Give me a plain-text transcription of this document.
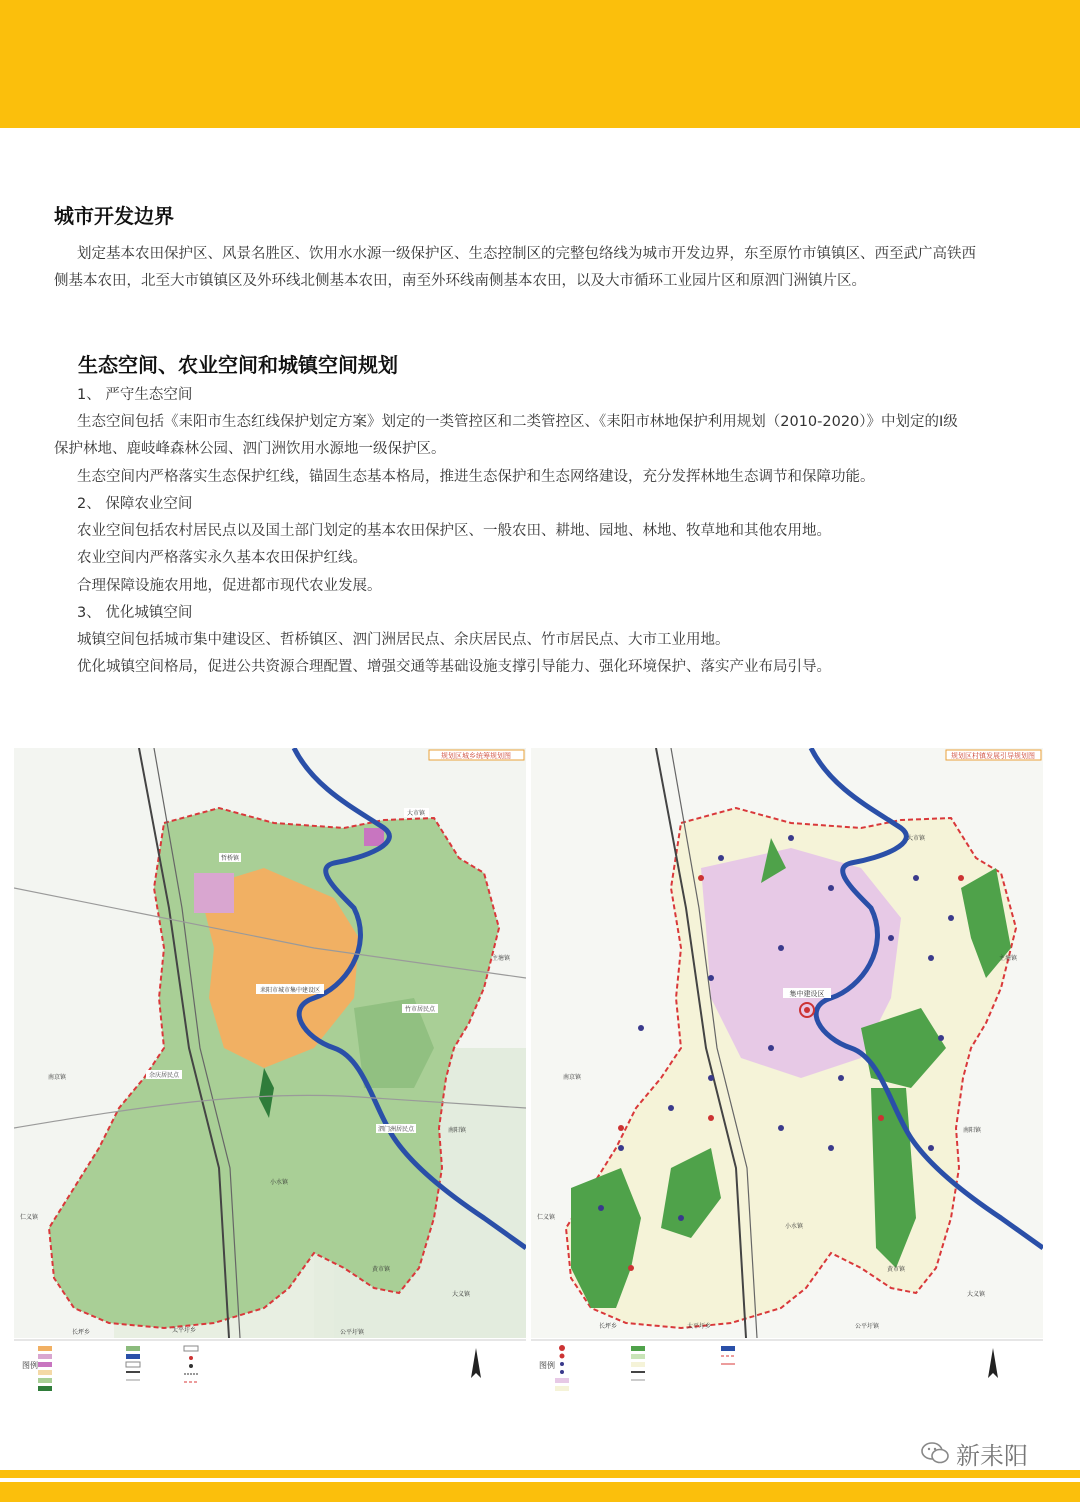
城市开发边界

划定基本农田保护区、风景名胜区、饮用水水源一级保护区、生态控制区的完整包络线为城市开发边界，东至原竹市镇镇区、西至武广高铁西

侧基本农田，北至大市镇镇区及外环线北侧基本农田，南至外环线南侧基本农田，以及大市循环工业园片区和原泗门洲镇片区。

生态空间、农业空间和城镇空间规划

1、 严守生态空间

生态空间包括《耒阳市生态红线保护划定方案》划定的一类管控区和二类管控区、《耒阳市林地保护利用规划（2010-2020）》中划定的Ⅰ级

保护林地、鹿岐峰森林公园、泗门洲饮用水源地一级保护区。

生态空间内严格落实生态保护红线，锚固生态基本格局，推进生态保护和生态网络建设，充分发挥林地生态调节和保障功能。

2、 保障农业空间

农业空间包括农村居民点以及国土部门划定的基本农田保护区、一般农田、耕地、园地、林地、牧草地和其他农用地。

农业空间内严格落实永久基本农田保护红线。

合理保障设施农用地，促进都市现代农业发展。

3、 优化城镇空间

城镇空间包括城市集中建设区、哲桥镇区、泗门洲居民点、余庆居民点、竹市居民点、大市工业用地。

优化城镇空间格局，促进公共资源合理配置、增强交通等基础设施支撑引导能力、强化环境保护、落实产业布局引导。

规划区城乡统筹规划图
哲桥镇
大市镇
耒阳市城市集中建设区
竹市居民点
余庆居民点
泗门洲居民点
主塘镇
南京镇
小水镇
仁义镇
黄市镇
大义镇
太平圩乡	公平圩镇
长坪乡
南阳镇
图例
规划区村镇发展引导规划图
集中建设区
大市镇
主塘镇
南京镇
小水镇
仁义镇
黄市镇
大义镇
太平圩乡	公平圩镇
长坪乡
南阳镇
图例
新耒阳
